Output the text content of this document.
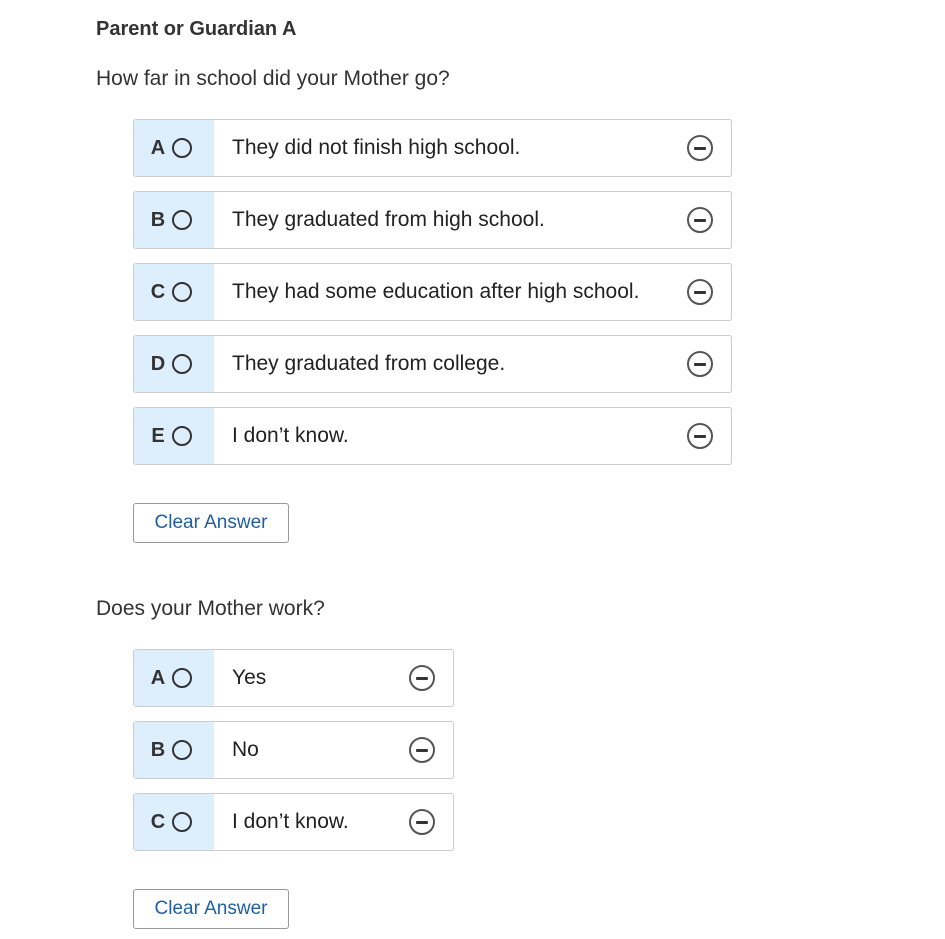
Parent or Guardian A

How far in school did your Mother go?

A	They did not finish high school.
B	They graduated from high school.
C	They had some education after high school.
D	They graduated from college.
E	I don’t know.
Clear Answer

Does your Mother work?

A	Yes
B	No
C	I don’t know.
Clear Answer
